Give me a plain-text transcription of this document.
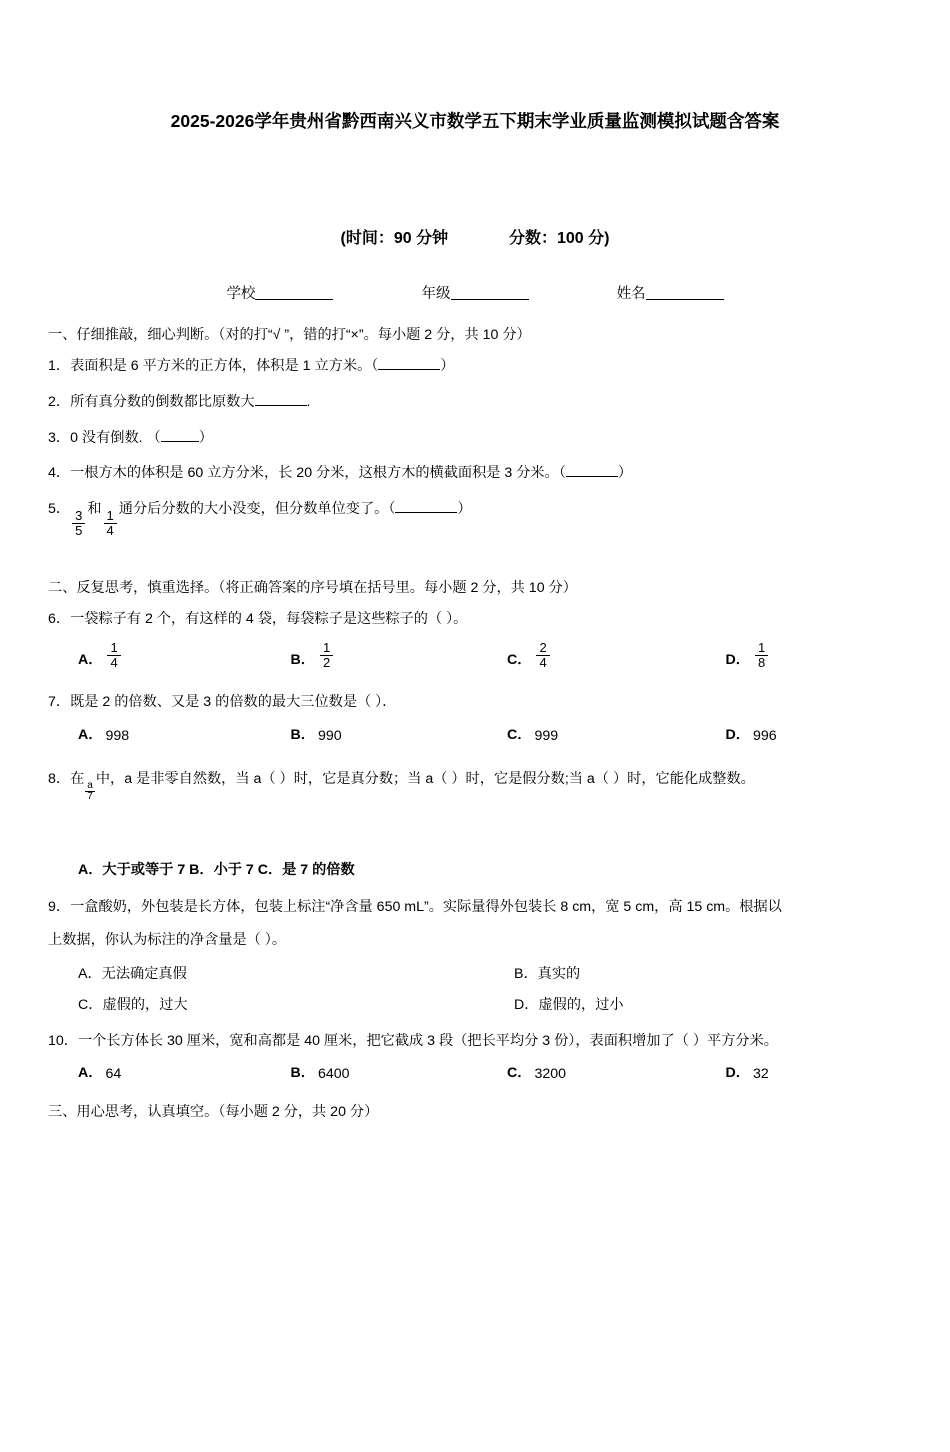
2025-2026学年贵州省黔西南兴义市数学五下期末学业质量监测模拟试题含答案
(时间：90 分钟	分数：100 分)
学校	年级	姓名
一、仔细推敲，细心判断。（对的打“√ ”，错的打“×”。每小题 2 分，共 10 分）
1．表面积是 6 平方米的正方体，体积是 1 立方米。（	）
2．所有真分数的倒数都比原数大	.
3．0 没有倒数. （	）
4．一根方木的体积是 60 立方分米，长 20 分米，这根方木的横截面积是 3 分米。（	）
5．
$\frac{3}{5}$
和
$\frac{1}{4}$
通分后分数的大小没变，但分数单位变了。（	）
二、反复思考，慎重选择。（将正确答案的序号填在括号里。每小题 2 分，共 10 分）
6．一袋粽子有 2 个，有这样的 4 袋，每袋粽子是这些粽子的（ ）。
A． $\frac{1}{4}$	B． $\frac{1}{2}$	C． $\frac{2}{4}$	D． $\frac{1}{8}$
7．既是 2 的倍数、又是 3 的倍数的最大三位数是（ ）．
A． 998	B． 990	C． 999	D． 996
8．在
$\frac{a}{7}$
中，a 是非零自然数，当 a（ ）时，它是真分数；当 a（ ）时，它是假分数;当 a（ ）时，它能化成整数。
A．大于或等于 7 B．小于 7 C．是 7 的倍数
9．一盒酸奶，外包装是长方体，包装上标注“净含量 650 mL”。实际量得外包装长 8 cm，宽 5 cm，高 15 cm。根据以
上数据，你认为标注的净含量是（ ）。
A．无法确定真假	B．真实的
C．虚假的，过大	D．虚假的，过小
10．一个长方体长 30 厘米，宽和高都是 40 厘米，把它截成 3 段（把长平均分 3 份），表面积增加了（ ）平方分米。
A． 64	B． 6400	C． 3200	D． 32
三、用心思考，认真填空。（每小题 2 分，共 20 分）
